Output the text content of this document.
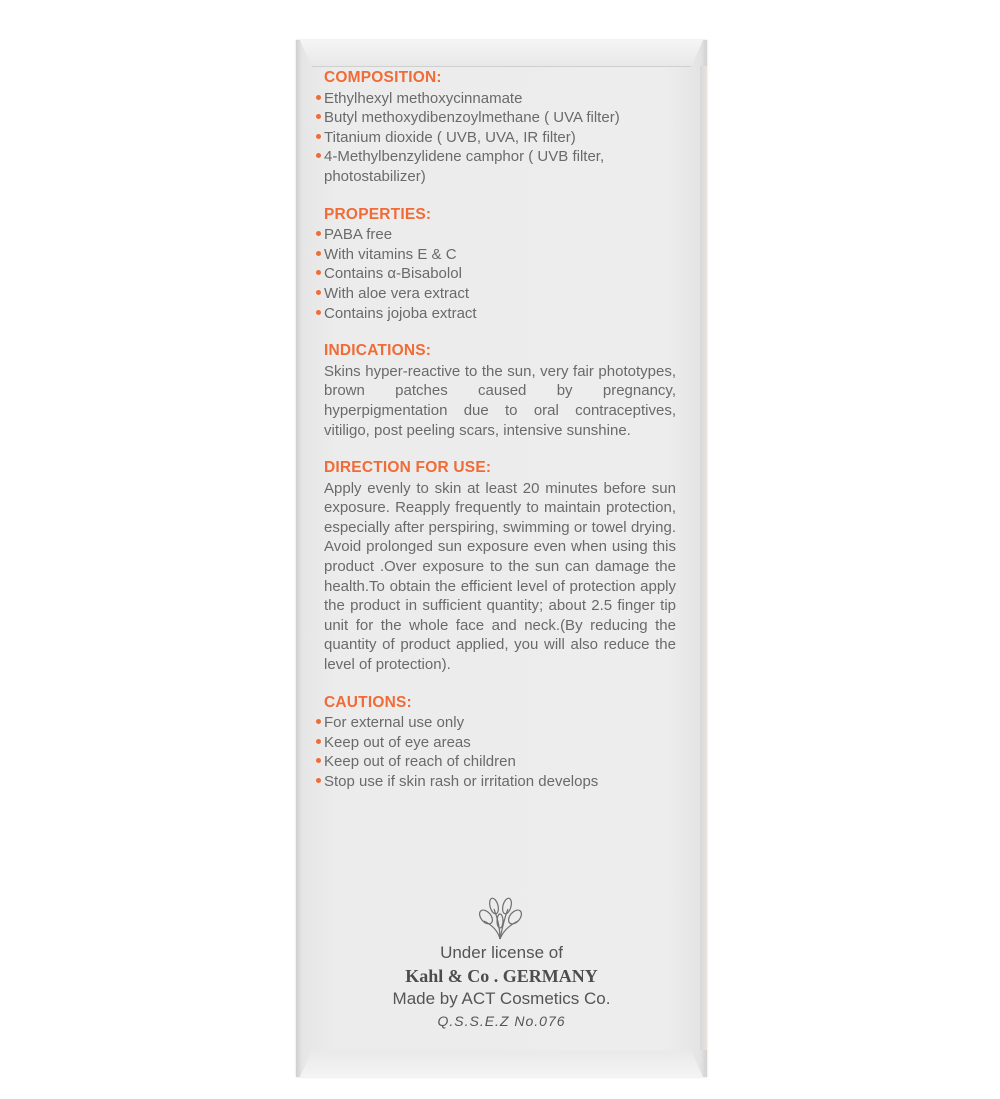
COMPOSITION:
Ethylhexyl methoxycinnamate
Butyl methoxydibenzoylmethane ( UVA filter)
Titanium dioxide ( UVB, UVA, IR filter)
4-Methylbenzylidene camphor ( UVB filter, photostabilizer)
PROPERTIES:
PABA free
With vitamins E & C
Contains α-Bisabolol
With aloe vera extract
Contains jojoba extract
INDICATIONS:
Skins hyper-reactive to the sun, very fair phototypes, brown patches caused by pregnancy, hyperpigmentation due to oral contraceptives, vitiligo, post peeling scars, intensive sunshine.
DIRECTION FOR USE:
Apply evenly to skin at least 20 minutes before sun exposure. Reapply frequently to maintain protection, especially after perspiring, swimming or towel drying. Avoid prolonged sun exposure even when using this product .Over exposure to the sun can damage the health.To obtain the efficient level of protection apply the product in sufficient quantity; about 2.5 finger tip unit for the whole face and neck.(By reducing the quantity of product applied, you will also reduce the level of protection).
CAUTIONS:
For external use only
Keep out of eye areas
Keep out of reach of children
Stop use if skin rash or irritation develops
Under license of
Kahl & Co . GERMANY
Made by ACT Cosmetics Co.
Q.S.S.E.Z No.076
